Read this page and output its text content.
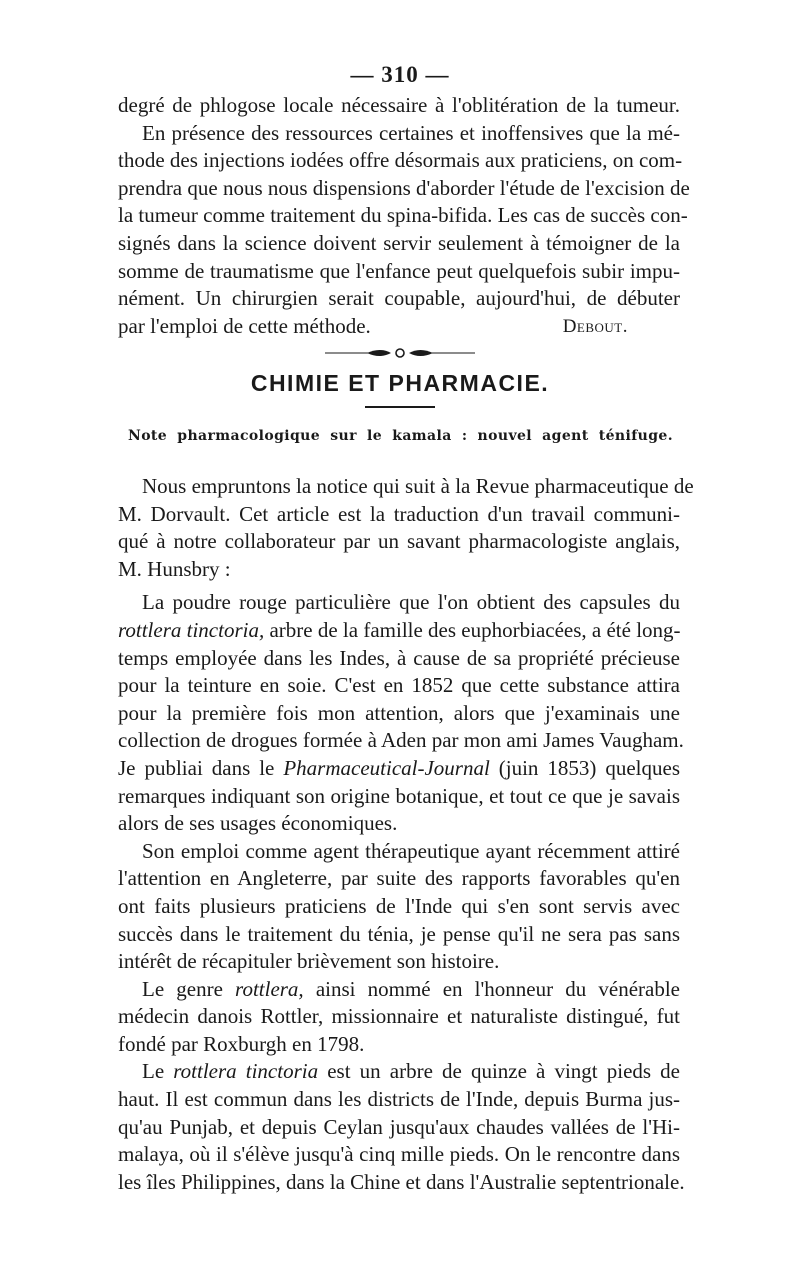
— 310 —
degré de phlogose locale nécessaire à l'oblitération de la tumeur.
En présence des ressources certaines et inoffensives que la mé-
thode des injections iodées offre désormais aux praticiens, on com-
prendra que nous nous dispensions d'aborder l'étude de l'excision de
la tumeur comme traitement du spina-bifida. Les cas de succès con-
signés dans la science doivent servir seulement à témoigner de la
somme de traumatisme que l'enfance peut quelquefois subir impu-
nément. Un chirurgien serait coupable, aujourd'hui, de débuter
par l'emploi de cette méthode.	Debout.
CHIMIE ET PHARMACIE.
Note pharmacologique sur le kamala : nouvel agent ténifuge.
Nous empruntons la notice qui suit à la Revue pharmaceutique de
M. Dorvault. Cet article est la traduction d'un travail communi-
qué à notre collaborateur par un savant pharmacologiste anglais,
M. Hunsbry :
La poudre rouge particulière que l'on obtient des capsules du
rottlera tinctoria, arbre de la famille des euphorbiacées, a été long-
temps employée dans les Indes, à cause de sa propriété précieuse
pour la teinture en soie. C'est en 1852 que cette substance attira
pour la première fois mon attention, alors que j'examinais une
collection de drogues formée à Aden par mon ami James Vaugham.
Je publiai dans le Pharmaceutical-Journal (juin 1853) quelques
remarques indiquant son origine botanique, et tout ce que je savais
alors de ses usages économiques.
Son emploi comme agent thérapeutique ayant récemment attiré
l'attention en Angleterre, par suite des rapports favorables qu'en
ont faits plusieurs praticiens de l'Inde qui s'en sont servis avec
succès dans le traitement du ténia, je pense qu'il ne sera pas sans
intérêt de récapituler brièvement son histoire.
Le genre rottlera, ainsi nommé en l'honneur du vénérable
médecin danois Rottler, missionnaire et naturaliste distingué, fut
fondé par Roxburgh en 1798.
Le rottlera tinctoria est un arbre de quinze à vingt pieds de
haut. Il est commun dans les districts de l'Inde, depuis Burma jus-
qu'au Punjab, et depuis Ceylan jusqu'aux chaudes vallées de l'Hi-
malaya, où il s'élève jusqu'à cinq mille pieds. On le rencontre dans
les îles Philippines, dans la Chine et dans l'Australie septentrionale.
